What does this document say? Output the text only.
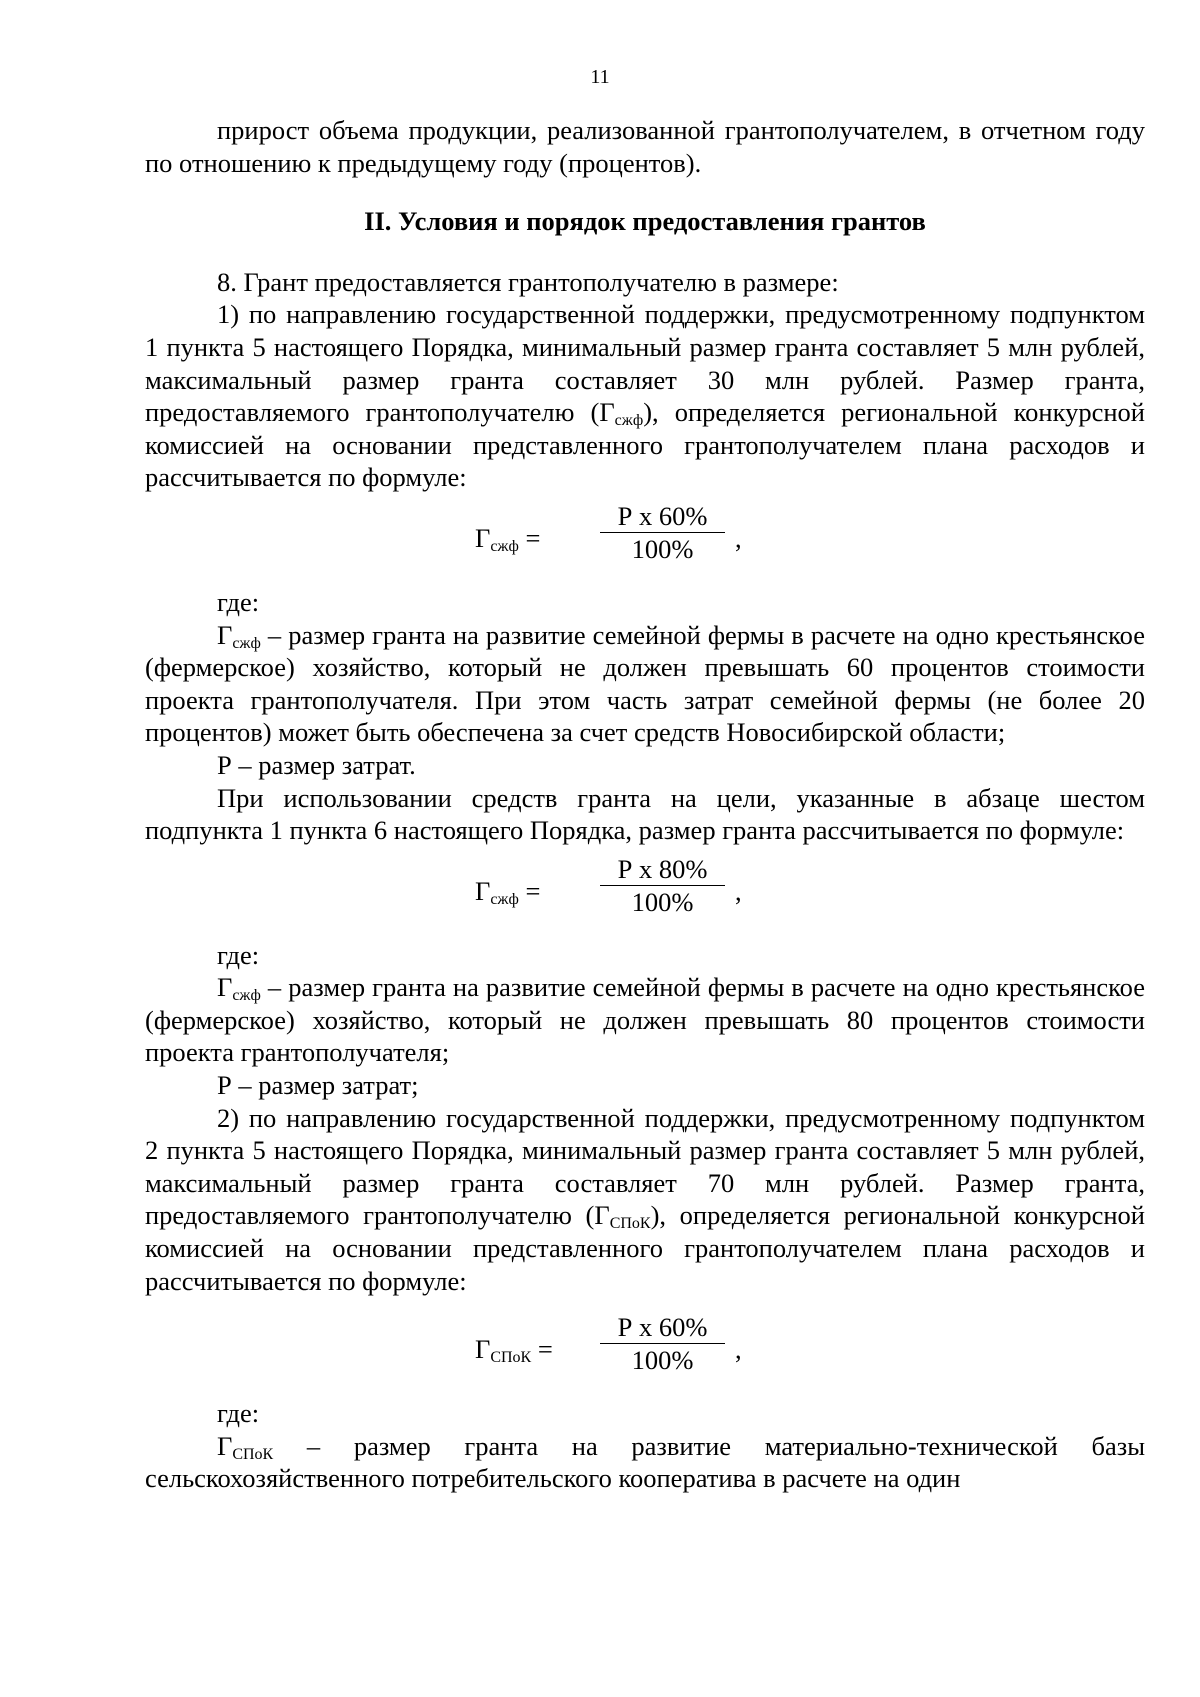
11

прирост объема продукции, реализованной грантополучателем, в отчетном году по отношению к предыдущему году (процентов).

II. Условия и порядок предоставления грантов

8. Грант предоставляется грантополучателю в размере:

1) по направлению государственной поддержки, предусмотренному подпунктом 1 пункта 5 настоящего Порядка, минимальный размер гранта составляет 5 млн рублей, максимальный размер гранта составляет 30 млн рублей. Размер гранта, предоставляемого грантополучателю $(Г_{сжф})$, определяется региональной конкурсной комиссией на основании представленного грантополучателем плана расходов и рассчитывается по формуле:

$Г_{сжф}$ =
Р х 60%
100%	,

где:

$Г_{сжф}$ – размер гранта на развитие семейной фермы в расчете на одно крестьянское (фермерское) хозяйство, который не должен превышать 60 процентов стоимости проекта грантополучателя. При этом часть затрат семейной фермы (не более 20 процентов) может быть обеспечена за счет средств Новосибирской области;

Р – размер затрат.

При использовании средств гранта на цели, указанные в абзаце шестом подпункта 1 пункта 6 настоящего Порядка, размер гранта рассчитывается по формуле:

$Г_{сжф}$ =
Р х 80%
100%	,

где:

$Г_{сжф}$ – размер гранта на развитие семейной фермы в расчете на одно крестьянское (фермерское) хозяйство, который не должен превышать 80 процентов стоимости проекта грантополучателя;

Р – размер затрат;

2) по направлению государственной поддержки, предусмотренному подпунктом 2 пункта 5 настоящего Порядка, минимальный размер гранта составляет 5 млн рублей, максимальный размер гранта составляет 70 млн рублей. Размер гранта, предоставляемого грантополучателю $(Г_{СПоК})$, определяется региональной конкурсной комиссией на основании представленного грантополучателем плана расходов и рассчитывается по формуле:

$Г_{СПоК}$ =
Р х 60%
100%	,

где:

$Г_{СПоК}$ – размер гранта на развитие материально-технической базы сельскохозяйственного потребительского кооператива в расчете на один
